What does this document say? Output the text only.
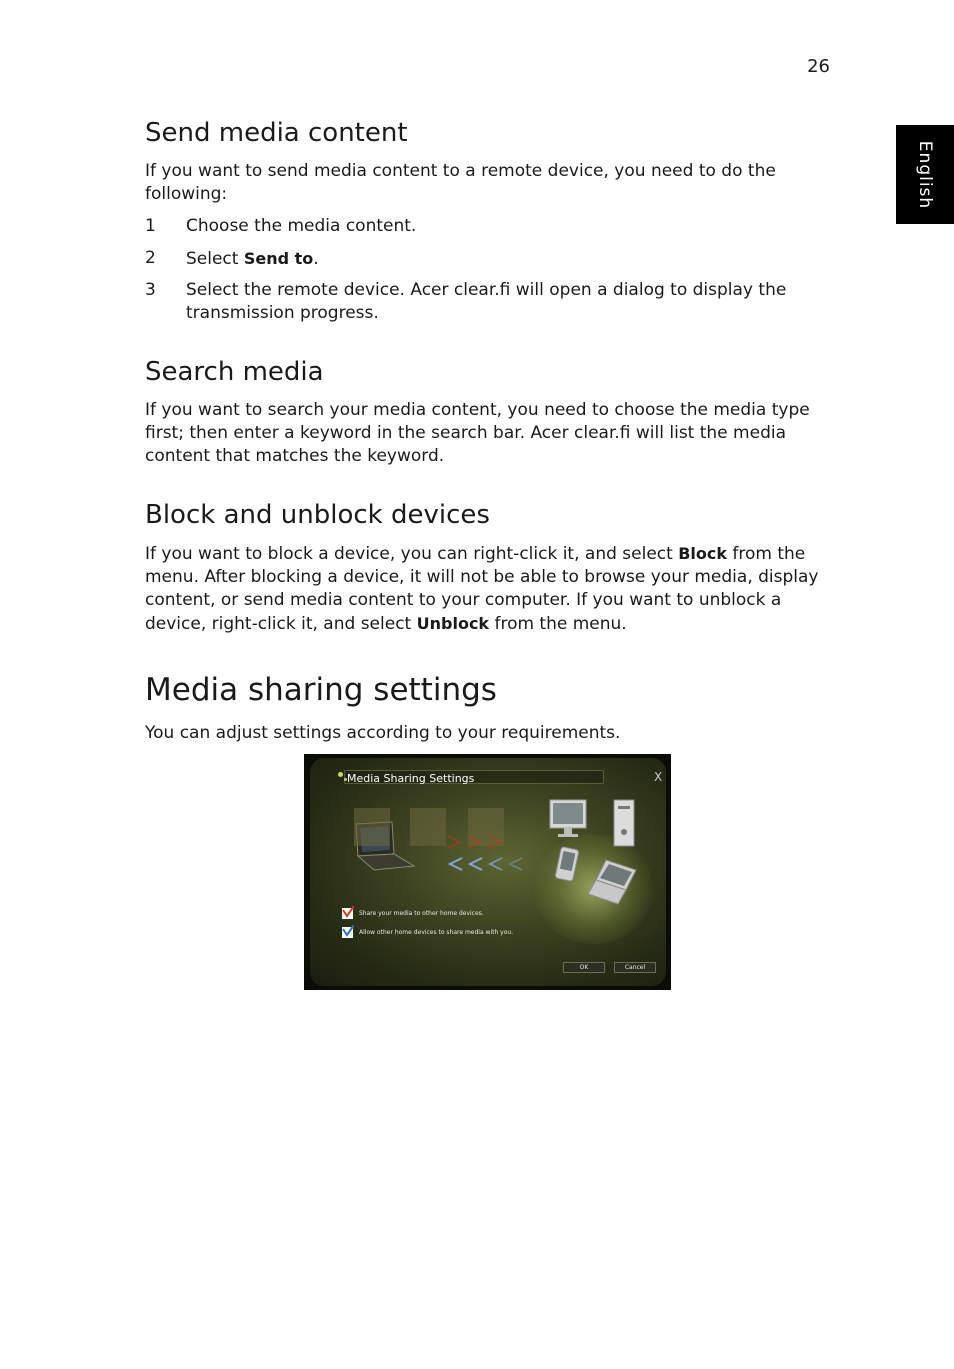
26
English
Send media content

If you want to send media content to a remote device, you need to do the following:

1 Choose the media content.
2 Select Send to.
3 Select the remote device. Acer clear.fi will open a dialog to display the transmission progress.
Search media

If you want to search your media content, you need to choose the media type first; then enter a keyword in the search bar. Acer clear.fi will list the media content that matches the keyword.

Block and unblock devices

If you want to block a device, you can right-click it, and select Block from the menu. After blocking a device, it will not be able to browse your media, display content, or send media content to your computer. If you want to unblock a device, right-click it, and select Unblock from the menu.

Media sharing settings

You can adjust settings according to your requirements.

Media Sharing Settings	X
Share your media to other home devices.
Allow other home devices to share media with you.
OK	Cancel
